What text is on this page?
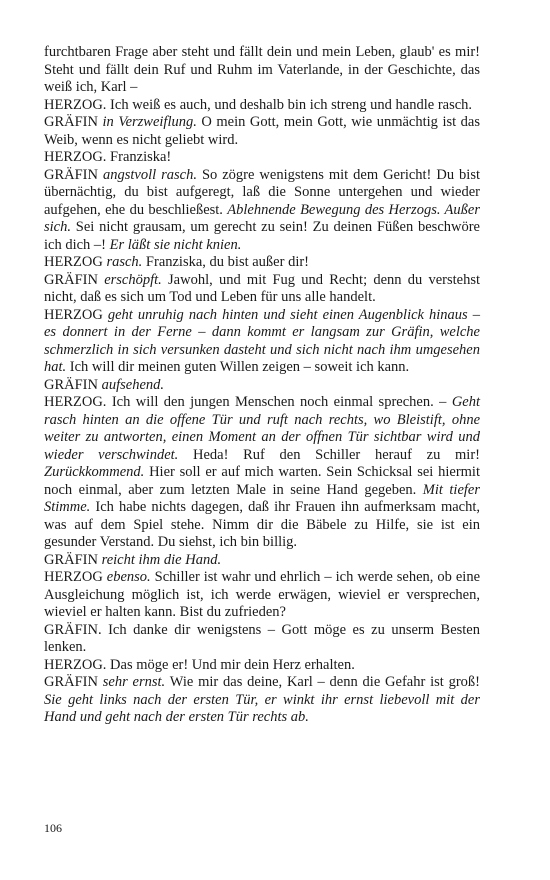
furchtbaren Frage aber steht und fällt dein und mein Leben, glaub' es mir! Steht und fällt dein Ruf und Ruhm im Vaterlande, in der Geschichte, das weiß ich, Karl –

HERZOG. Ich weiß es auch, und deshalb bin ich streng und handle rasch.

GRÄFIN in Verzweiflung. O mein Gott, mein Gott, wie unmächtig ist das Weib, wenn es nicht geliebt wird.

HERZOG. Franziska!

GRÄFIN angstvoll rasch. So zögre wenigstens mit dem Gericht! Du bist übernächtig, du bist aufgeregt, laß die Sonne untergehen und wieder aufgehen, ehe du beschließest. Ablehnende Bewegung des Herzogs. Außer sich. Sei nicht grausam, um gerecht zu sein! Zu deinen Füßen beschwöre ich dich –! Er läßt sie nicht knien.

HERZOG rasch. Franziska, du bist außer dir!

GRÄFIN erschöpft. Jawohl, und mit Fug und Recht; denn du verstehst nicht, daß es sich um Tod und Leben für uns alle handelt.

HERZOG geht unruhig nach hinten und sieht einen Augenblick hinaus – es donnert in der Ferne – dann kommt er langsam zur Gräfin, welche schmerzlich in sich versunken dasteht und sich nicht nach ihm umgesehen hat. Ich will dir meinen guten Willen zeigen – soweit ich kann.

GRÄFIN aufsehend.

HERZOG. Ich will den jungen Menschen noch einmal sprechen. – Geht rasch hinten an die offene Tür und ruft nach rechts, wo Bleistift, ohne weiter zu antworten, einen Moment an der offnen Tür sichtbar wird und wieder verschwindet. Heda! Ruf den Schiller herauf zu mir! Zurückkommend. Hier soll er auf mich warten. Sein Schicksal sei hiermit noch einmal, aber zum letzten Male in seine Hand gegeben. Mit tiefer Stimme. Ich habe nichts dagegen, daß ihr Frauen ihn aufmerksam macht, was auf dem Spiel stehe. Nimm dir die Bäbele zu Hilfe, sie ist ein gesunder Verstand. Du siehst, ich bin billig.

GRÄFIN reicht ihm die Hand.

HERZOG ebenso. Schiller ist wahr und ehrlich – ich werde sehen, ob eine Ausgleichung möglich ist, ich werde erwägen, wieviel er versprechen, wieviel er halten kann. Bist du zufrieden?

GRÄFIN. Ich danke dir wenigstens – Gott möge es zu unserm Besten lenken.

HERZOG. Das möge er! Und mir dein Herz erhalten.

GRÄFIN sehr ernst. Wie mir das deine, Karl – denn die Gefahr ist groß! Sie geht links nach der ersten Tür, er winkt ihr ernst liebevoll mit der Hand und geht nach der ersten Tür rechts ab.

106
